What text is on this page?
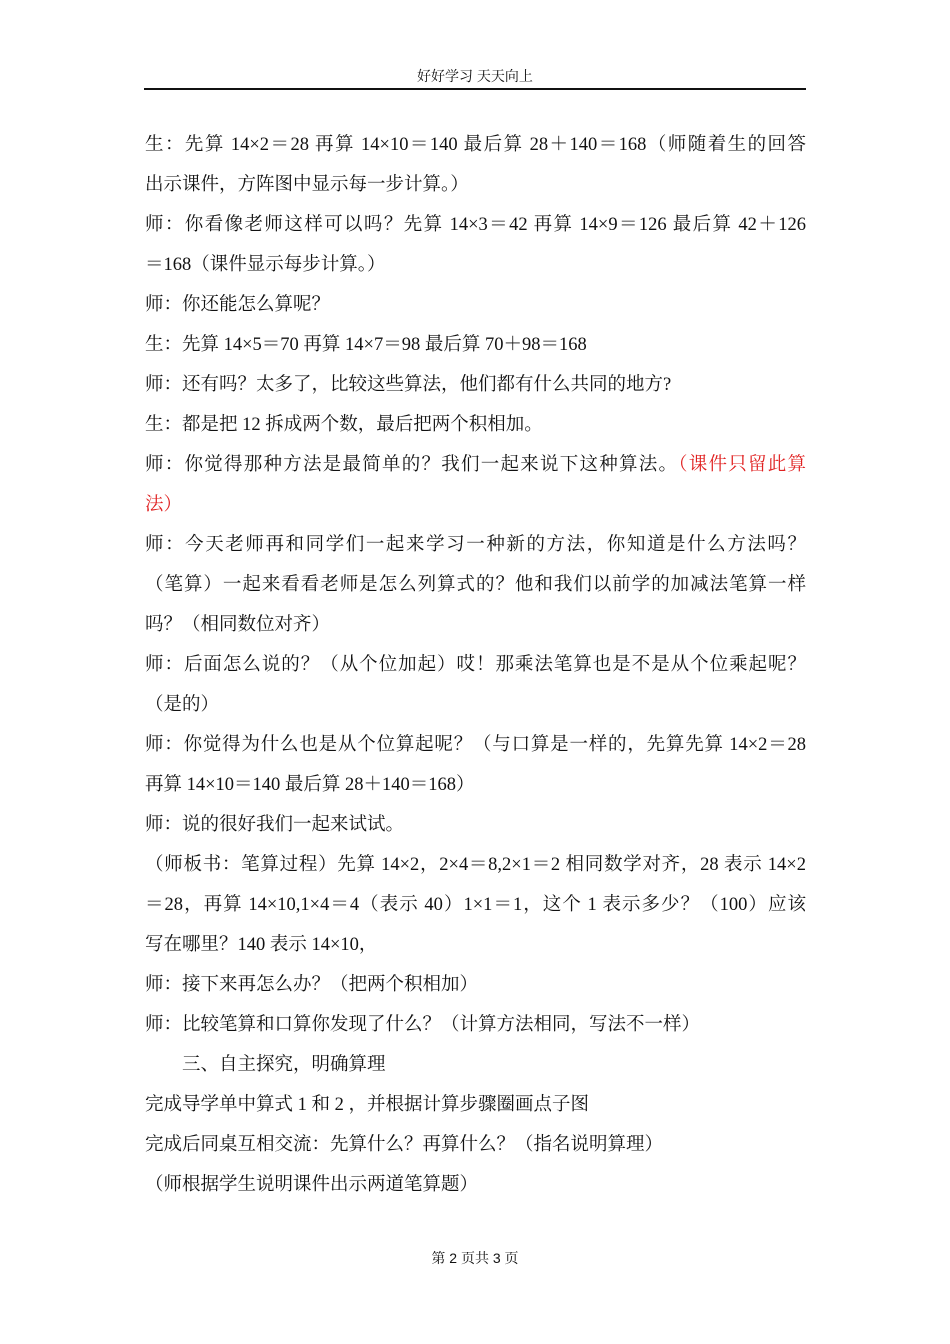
好好学习 天天向上
生：先算 14×2＝28 再算 14×10＝140 最后算 28＋140＝168（师随着生的回答
出示课件，方阵图中显示每一步计算。）
师：你看像老师这样可以吗？先算 14×3＝42 再算 14×9＝126 最后算 42＋126
＝168（课件显示每步计算。）
师：你还能怎么算呢？
生：先算 14×5＝70 再算 14×7＝98 最后算 70＋98＝168
师：还有吗？太多了，比较这些算法，他们都有什么共同的地方?
生：都是把 12 拆成两个数，最后把两个积相加。
师：你觉得那种方法是最简单的？我们一起来说下这种算法。（课件只留此算
法）
师：今天老师再和同学们一起来学习一种新的方法，你知道是什么方法吗？
（笔算）一起来看看老师是怎么列算式的？他和我们以前学的加减法笔算一样
吗？（相同数位对齐）
师：后面怎么说的？（从个位加起）哎！那乘法笔算也是不是从个位乘起呢？
（是的）
师：你觉得为什么也是从个位算起呢？（与口算是一样的，先算先算 14×2＝28
再算 14×10＝140 最后算 28＋140＝168）
师：说的很好我们一起来试试。
（师板书：笔算过程）先算 14×2，2×4＝8,2×1＝2 相同数学对齐，28 表示 14×2
＝28，再算 14×10,1×4＝4（表示 40）1×1＝1，这个 1 表示多少？（100）应该
写在哪里？140 表示 14×10，
师：接下来再怎么办？（把两个积相加）
师：比较笔算和口算你发现了什么？（计算方法相同，写法不一样）
三、自主探究，明确算理
完成导学单中算式 1 和 2 ，并根据计算步骤圈画点子图
完成后同桌互相交流：先算什么？再算什么？（指名说明算理）
（师根据学生说明课件出示两道笔算题）
第 2 页共 3 页
